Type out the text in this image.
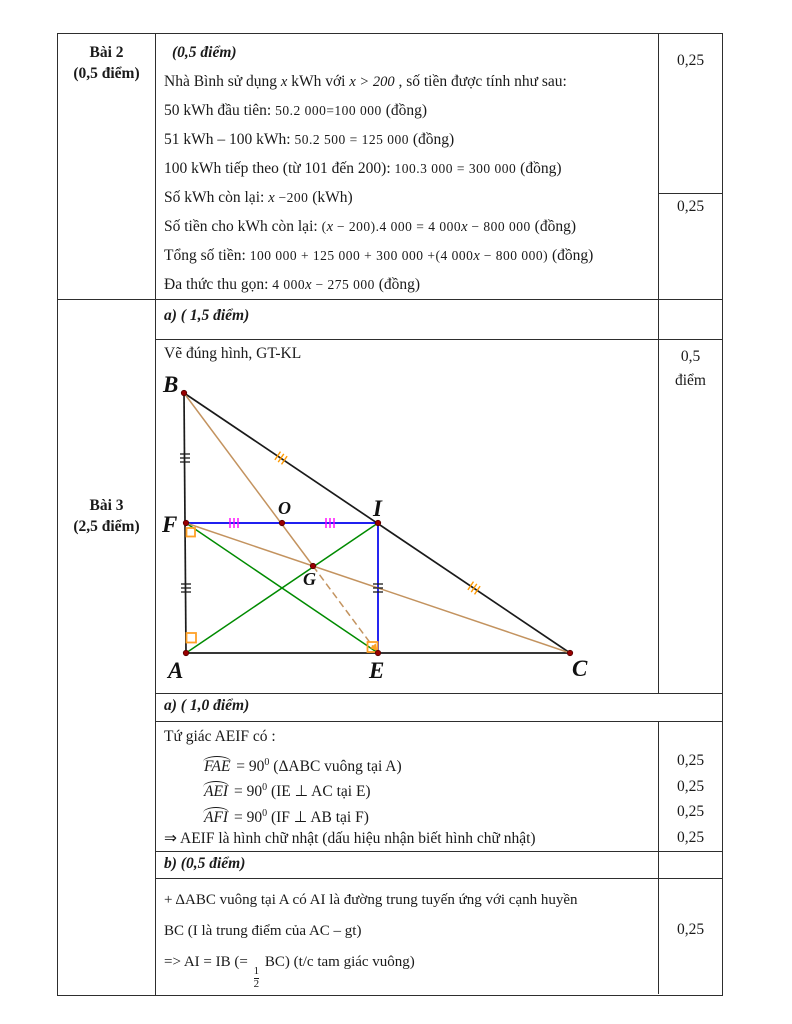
Bài 2
(0,5 điểm)
(0,5 điểm)
Nhà Bình sử dụng x kWh với x > 200 , số tiền được tính như sau:
50 kWh đầu tiên: 50.2 000=100 000 (đồng)
51 kWh – 100 kWh: 50.2 500 = 125 000 (đồng)
100 kWh tiếp theo (từ 101 đến 200): 100.3 000 = 300 000 (đồng)
Số kWh còn lại: x −200 (kWh)
Số tiền cho kWh còn lại: (x − 200).4 000 = 4 000x − 800 000 (đồng)
Tổng số tiền: 100 000 + 125 000 + 300 000 +(4 000x − 800 000) (đồng)
Đa thức thu gọn: 4 000x − 275 000 (đồng)
0,25
0,25
Bài 3
(2,5 điểm)
a) ( 1,5 điểm)
Vẽ đúng hình, GT-KL
B
A	C
E
F
I
O
G
0,5
điểm
a) ( 1,0 điểm)
Tứ giác AEIF có :
FAE = $90^0$ (ΔABC vuông tại A)
AEI = $90^0$ (IE ⊥ AC tại E)
AFI = $90^0$ (IF ⊥ AB tại F)
⇒ AEIF là hình chữ nhật (dấu hiệu nhận biết hình chữ nhật)
0,25
0,25
0,25
0,25
b) (0,5 điểm)
+ ΔABC vuông tại A có AI là đường trung tuyến ứng với cạnh huyền
BC (I là trung điểm của AC – gt)
=> AI = IB (=
$\frac{1}{2}$
BC) (t/c tam giác vuông)
0,25
